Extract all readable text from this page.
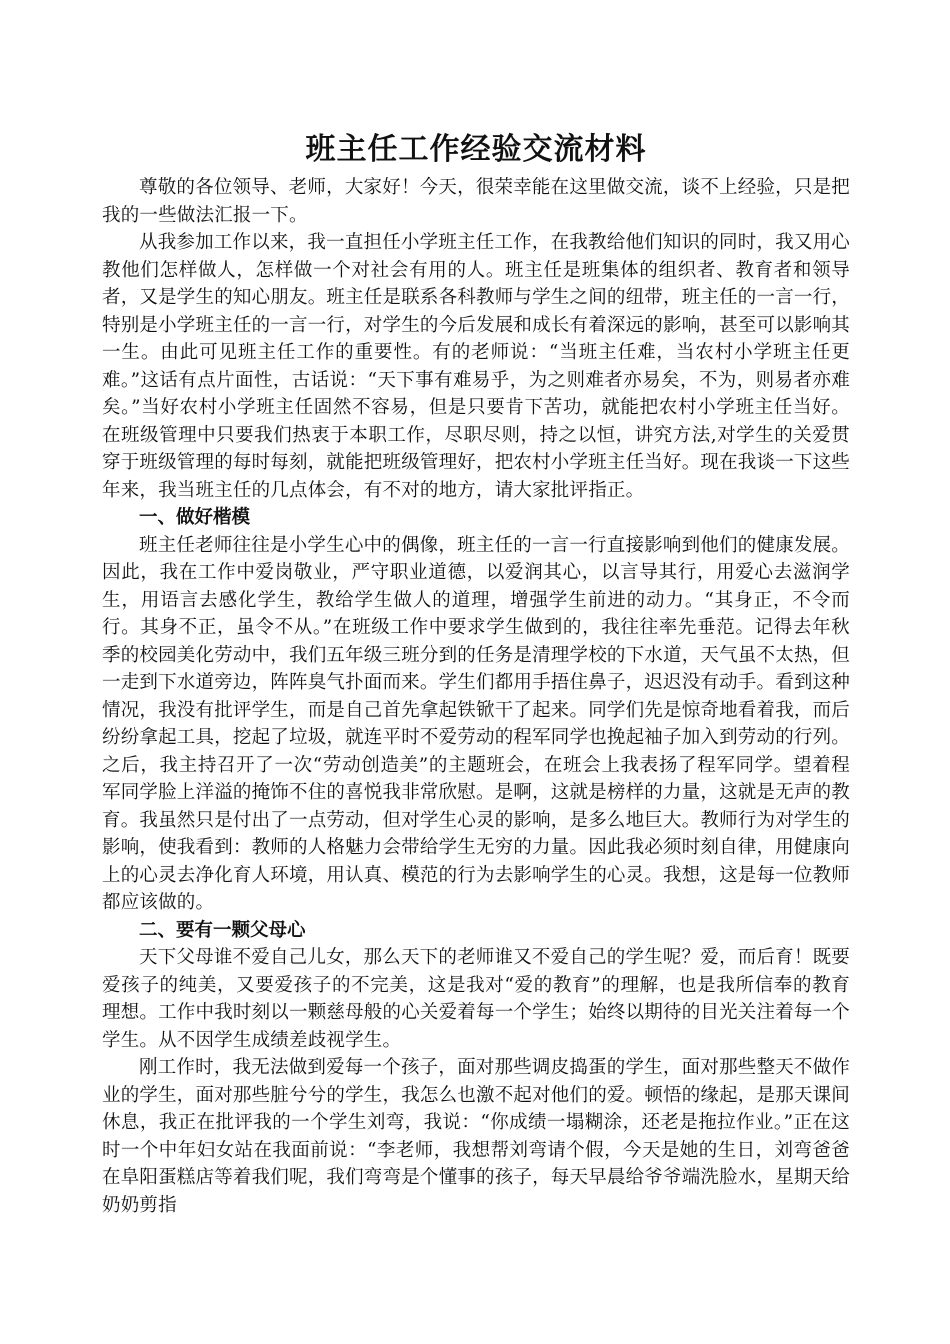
班主任工作经验交流材料

尊敬的各位领导、老师，大家好！今天，很荣幸能在这里做交流，谈不上经验，只是把我的一些做法汇报一下。

从我参加工作以来，我一直担任小学班主任工作，在我教给他们知识的同时，我又用心教他们怎样做人，怎样做一个对社会有用的人。班主任是班集体的组织者、教育者和领导者，又是学生的知心朋友。班主任是联系各科教师与学生之间的纽带，班主任的一言一行，特别是小学班主任的一言一行，对学生的今后发展和成长有着深远的影响，甚至可以影响其一生。由此可见班主任工作的重要性。有的老师说：“当班主任难，当农村小学班主任更难。”这话有点片面性，古话说：“天下事有难易乎，为之则难者亦易矣，不为，则易者亦难矣。”当好农村小学班主任固然不容易，但是只要肯下苦功，就能把农村小学班主任当好。在班级管理中只要我们热衷于本职工作，尽职尽则，持之以恒，讲究方法,对学生的关爱贯穿于班级管理的每时每刻，就能把班级管理好，把农村小学班主任当好。现在我谈一下这些年来，我当班主任的几点体会，有不对的地方，请大家批评指正。

一、做好楷模

班主任老师往往是小学生心中的偶像，班主任的一言一行直接影响到他们的健康发展。因此，我在工作中爱岗敬业，严守职业道德，以爱润其心，以言导其行，用爱心去滋润学生，用语言去感化学生，教给学生做人的道理，增强学生前进的动力。“其身正，不令而行。其身不正，虽令不从。”在班级工作中要求学生做到的，我往往率先垂范。记得去年秋季的校园美化劳动中，我们五年级三班分到的任务是清理学校的下水道，天气虽不太热，但一走到下水道旁边，阵阵臭气扑面而来。学生们都用手捂住鼻子，迟迟没有动手。看到这种情况，我没有批评学生，而是自己首先拿起铁锨干了起来。同学们先是惊奇地看着我，而后纷纷拿起工具，挖起了垃圾，就连平时不爱劳动的程军同学也挽起袖子加入到劳动的行列。之后，我主持召开了一次“劳动创造美”的主题班会，在班会上我表扬了程军同学。望着程军同学脸上洋溢的掩饰不住的喜悦我非常欣慰。是啊，这就是榜样的力量，这就是无声的教育。我虽然只是付出了一点劳动，但对学生心灵的影响，是多么地巨大。教师行为对学生的影响，使我看到：教师的人格魅力会带给学生无穷的力量。因此我必须时刻自律，用健康向上的心灵去净化育人环境，用认真、模范的行为去影响学生的心灵。我想，这是每一位教师都应该做的。

二、要有一颗父母心

天下父母谁不爱自己儿女，那么天下的老师谁又不爱自己的学生呢？爱，而后育！既要爱孩子的纯美，又要爱孩子的不完美，这是我对“爱的教育”的理解，也是我所信奉的教育理想。工作中我时刻以一颗慈母般的心关爱着每一个学生；始终以期待的目光关注着每一个学生。从不因学生成绩差歧视学生。

刚工作时，我无法做到爱每一个孩子，面对那些调皮捣蛋的学生，面对那些整天不做作业的学生，面对那些脏兮兮的学生，我怎么也激不起对他们的爱。顿悟的缘起，是那天课间休息，我正在批评我的一个学生刘弯，我说：“你成绩一塌糊涂，还老是拖拉作业。”正在这时一个中年妇女站在我面前说：“李老师，我想帮刘弯请个假，今天是她的生日，刘弯爸爸在阜阳蛋糕店等着我们呢，我们弯弯是个懂事的孩子，每天早晨给爷爷端洗脸水，星期天给奶奶剪指
